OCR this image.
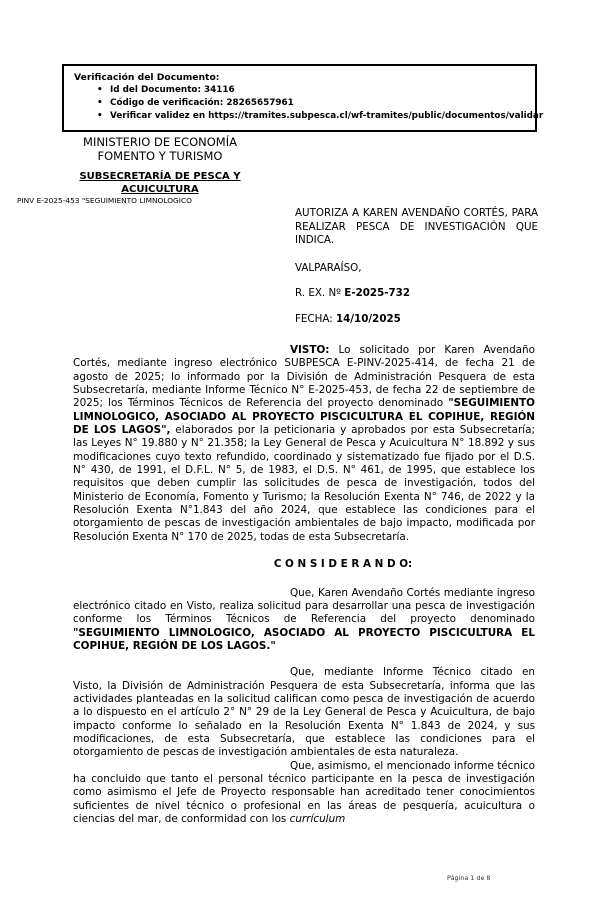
Verificación del Documento:
• Id del Documento: 34116
• Código de verificación: 28265657961
• Verificar validez en https://tramites.subpesca.cl/wf-tramites/public/documentos/validar
MINISTERIO DE ECONOMÍA
FOMENTO Y TURISMO
SUBSECRETARÍA DE PESCA Y ACUICULTURA
PINV E-2025-453 "SEGUIMIENTO LIMNOLOGICO

AUTORIZA A KAREN AVENDAÑO CORTÉS, PARA REALIZAR PESCA DE INVESTIGACIÓN QUE INDICA.

VALPARAÍSO,

R. EX. Nº E-2025-732

FECHA: 14/10/2025

VISTO: Lo solicitado por Karen Avendaño Cortés, mediante ingreso electrónico SUBPESCA E-PINV-2025-414, de fecha 21 de agosto de 2025; lo informado por la División de Administración Pesquera de esta Subsecretaría, mediante Informe Técnico N° E-2025-453, de fecha 22 de septiembre de 2025; los Términos Técnicos de Referencia del proyecto denominado "SEGUIMIENTO LIMNOLOGICO, ASOCIADO AL PROYECTO PISCICULTURA EL COPIHUE, REGIÓN DE LOS LAGOS", elaborados por la peticionaria y aprobados por esta Subsecretaría; las Leyes N° 19.880 y N° 21.358; la Ley General de Pesca y Acuicultura N° 18.892 y sus modificaciones cuyo texto refundido, coordinado y sistematizado fue fijado por el D.S. N° 430, de 1991, el D.F.L. N° 5, de 1983, el D.S. N° 461, de 1995, que establece los requisitos que deben cumplir las solicitudes de pesca de investigación, todos del Ministerio de Economía, Fomento y Turismo; la Resolución Exenta N° 746, de 2022 y la Resolución Exenta N°1.843 del año 2024, que establece las condiciones para el otorgamiento de pescas de investigación ambientales de bajo impacto, modificada por Resolución Exenta N° 170 de 2025, todas de esta Subsecretaría.

C O N S I D E R A N D O:

Que, Karen Avendaño Cortés mediante ingreso electrónico citado en Visto, realiza solicitud para desarrollar una pesca de investigación conforme los Términos Técnicos de Referencia del proyecto denominado "SEGUIMIENTO LIMNOLOGICO, ASOCIADO AL PROYECTO PISCICULTURA EL COPIHUE, REGIÓN DE LOS LAGOS."

Que, mediante Informe Técnico citado en Visto, la División de Administración Pesquera de esta Subsecretaría, informa que las actividades planteadas en la solicitud califican como pesca de investigación de acuerdo a lo dispuesto en el artículo 2° N° 29 de la Ley General de Pesca y Acuicultura, de bajo impacto conforme lo señalado en la Resolución Exenta N° 1.843 de 2024, y sus modificaciones, de esta Subsecretaría, que establece las condiciones para el otorgamiento de pescas de investigación ambientales de esta naturaleza.

Que, asimismo, el mencionado informe técnico ha concluido que tanto el personal técnico participante en la pesca de investigación como asimismo el Jefe de Proyecto responsable han acreditado tener conocimientos suficientes de nivel técnico o profesional en las áreas de pesquería, acuicultura o ciencias del mar, de conformidad con los currículum

Página 1 de 8
